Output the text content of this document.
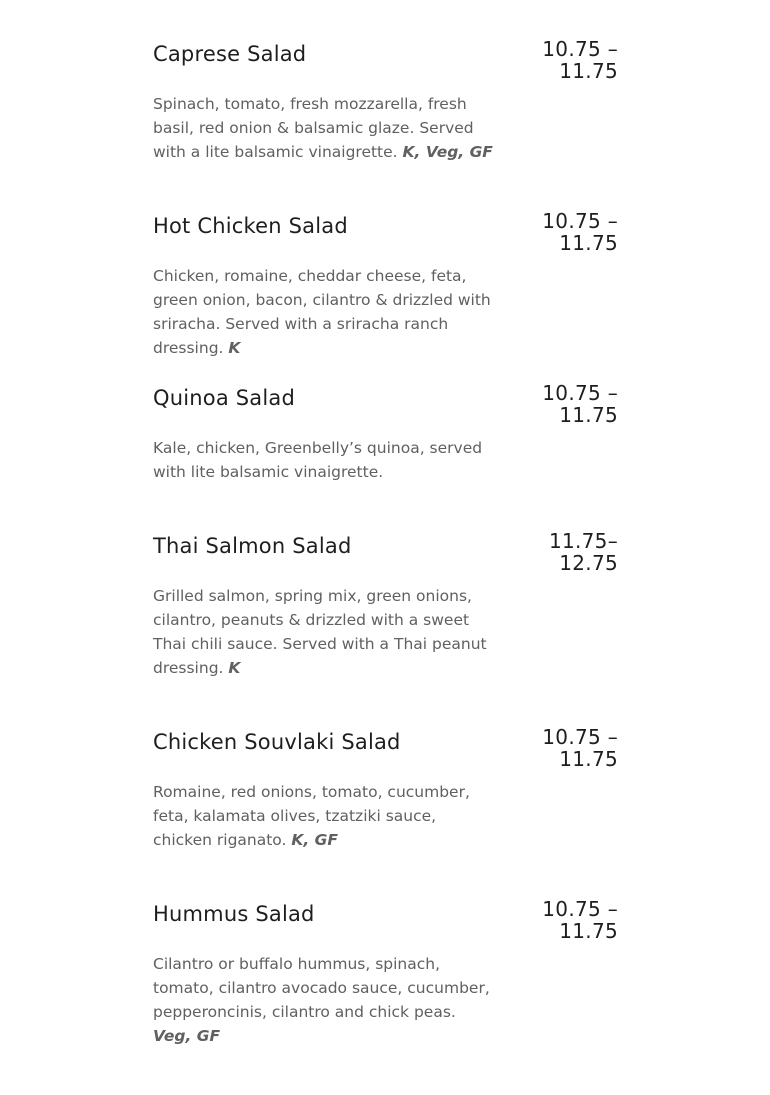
Caprese Salad	10.75 –
11.75
Spinach, tomato, fresh mozzarella, fresh basil, red onion & balsamic glaze. Served with a lite balsamic vinaigrette. K, Veg, GF
Hot Chicken Salad	10.75 –
11.75
Chicken, romaine, cheddar cheese, feta, green onion, bacon, cilantro & drizzled with sriracha. Served with a sriracha ranch dressing. K
Quinoa Salad	10.75 –
11.75
Kale, chicken, Greenbelly’s quinoa, served with lite balsamic vinaigrette.
Thai Salmon Salad	11.75–
12.75
Grilled salmon, spring mix, green onions, cilantro, peanuts & drizzled with a sweet Thai chili sauce. Served with a Thai peanut dressing. K
Chicken Souvlaki Salad	10.75 –
11.75
Romaine, red onions, tomato, cucumber, feta, kalamata olives, tzatziki sauce, chicken riganato. K, GF
Hummus Salad	10.75 –
11.75
Cilantro or buffalo hummus, spinach, tomato, cilantro avocado sauce, cucumber, pepperoncinis, cilantro and chick peas. Veg, GF
